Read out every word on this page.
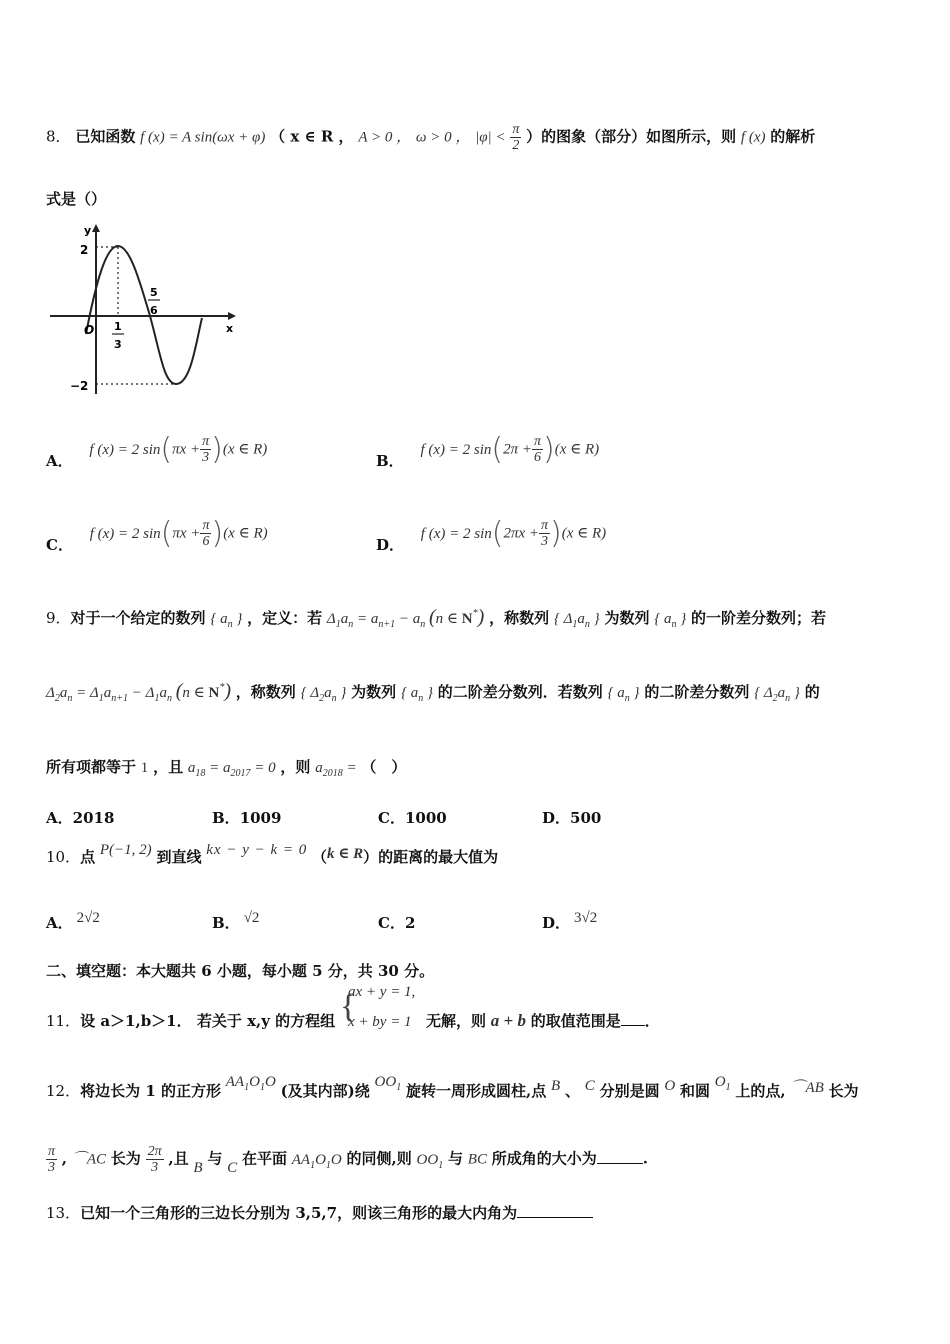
8． 已知函数 f (x) = A sin(ωx + φ) （ x ∈ R ， A > 0 ， ω > 0 ， $|\varphi| < \frac{\pi}{2}$ ）的图象（部分）如图所示，则 f (x) 的解析
式是（）
y
x
O
2
−2
1
3
5
6
A． f (x) = 2 $\sin(\pi x + \frac{\pi}{3} )(x$ ∈ R)
B． f (x) = 2 $\sin(2\pi + \frac{\pi}{6} )(x$ ∈ R)
C． f (x) = 2 $\sin(\pi x + \frac{\pi}{6} )(x$ ∈ R)
D． f (x) = 2 $\sin(2\pi x + \frac{\pi}{3} )(x$ ∈ R)
9．对于一个给定的数列 { $a_n$ } ，定义：若 $\Delta_1a_n = a_{n+1} - a_n$ (n ∈ N*) ，称数列 { $\Delta_1a_n$ } 为数列 { $a_n$ } 的一阶差分数列；若
$\Delta_2a_n = \Delta_1a_{n+1} - \Delta_1a_n$ (n ∈ N*) ，称数列 { $\Delta_2a_n$ } 为数列 { $a_n$ } 的二阶差分数列．若数列 { $a_n$ } 的二阶差分数列 { $\Delta_2a_n$ } 的
所有项都等于 1 ，且 $a_{18} = a_{2017} = 0$ ，则 $a_{2018}$ = （　）
A．2018	B．1009	C．1000	D．500
10．点 P(−1, 2) 到直线 kx − y − k = 0 （k ∈ R）的距离的最大值为
A． 2√2	B． √2	C．2	D． 3√2
二、填空题：本大题共 6 小题，每小题 5 分，共 30 分。
11．设 a＞1,b＞1． 若关于 x,y 的方程组 {
ax + y = 1,
x + by = 1 无解，则 a + b 的取值范围是 ．
12．将边长为 1 的正方形 $AA_1O_1O$ (及其内部)绕 $OO_1$ 旋转一周形成圆柱,点 B 、 C 分别是圆 O 和圆 $O_1$ 上的点, ⌒AB 长为
$\frac{\pi}{3}$ , ⌒AC 长为 $\frac{2\pi}{3}$ ,且 B 与 C 在平面 $AA_1O_1O$ 的同侧,则 $OO_1$ 与 BC 所成角的大小为	.
13．已知一个三角形的三边长分别为 3,5,7，则该三角形的最大内角为
